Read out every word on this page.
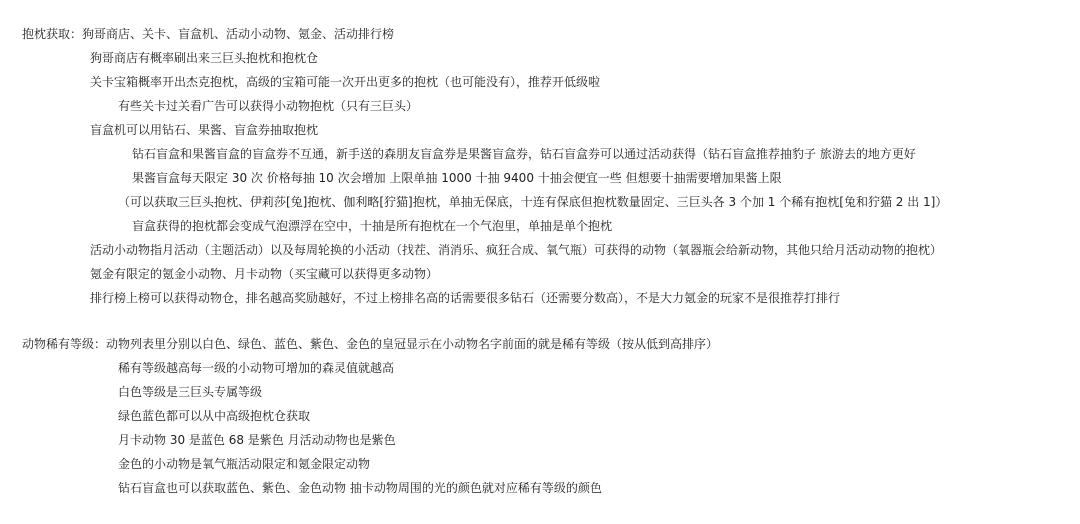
抱枕获取：狗哥商店、关卡、盲盒机、活动小动物、氪金、活动排行榜
狗哥商店有概率刷出来三巨头抱枕和抱枕仓
关卡宝箱概率开出杰克抱枕，高级的宝箱可能一次开出更多的抱枕（也可能没有），推荐开低级啦
有些关卡过关看广告可以获得小动物抱枕（只有三巨头）
盲盒机可以用钻石、果酱、盲盒券抽取抱枕
钻石盲盒和果酱盲盒的盲盒券不互通，新手送的森朋友盲盒券是果酱盲盒券，钻石盲盒券可以通过活动获得（钻石盲盒推荐抽豹子 旅游去的地方更好
果酱盲盒每天限定 30 次 价格每抽 10 次会增加 上限单抽 1000 十抽 9400 十抽会便宜一些 但想要十抽需要增加果酱上限
（可以获取三巨头抱枕、伊莉莎[兔]抱枕、伽利略[狞猫]抱枕，单抽无保底，十连有保底但抱枕数量固定、三巨头各 3 个加 1 个稀有抱枕[兔和狞猫 2 出 1]）
盲盒获得的抱枕都会变成气泡漂浮在空中，十抽是所有抱枕在一个气泡里，单抽是单个抱枕
活动小动物指月活动（主题活动）以及每周轮换的小活动（找茬、消消乐、疯狂合成、氧气瓶）可获得的动物（氧器瓶会给新动物，其他只给月活动动物的抱枕）
氪金有限定的氪金小动物、月卡动物（买宝藏可以获得更多动物）
排行榜上榜可以获得动物仓，排名越高奖励越好，不过上榜排名高的话需要很多钻石（还需要分数高），不是大力氪金的玩家不是很推荐打排行
动物稀有等级：动物列表里分别以白色、绿色、蓝色、紫色、金色的皇冠显示在小动物名字前面的就是稀有等级（按从低到高排序）
稀有等级越高每一级的小动物可增加的森灵值就越高
白色等级是三巨头专属等级
绿色蓝色都可以从中高级抱枕仓获取
月卡动物 30 是蓝色 68 是紫色 月活动动物也是紫色
金色的小动物是氧气瓶活动限定和氪金限定动物
钻石盲盒也可以获取蓝色、紫色、金色动物 抽卡动物周围的光的颜色就对应稀有等级的颜色
